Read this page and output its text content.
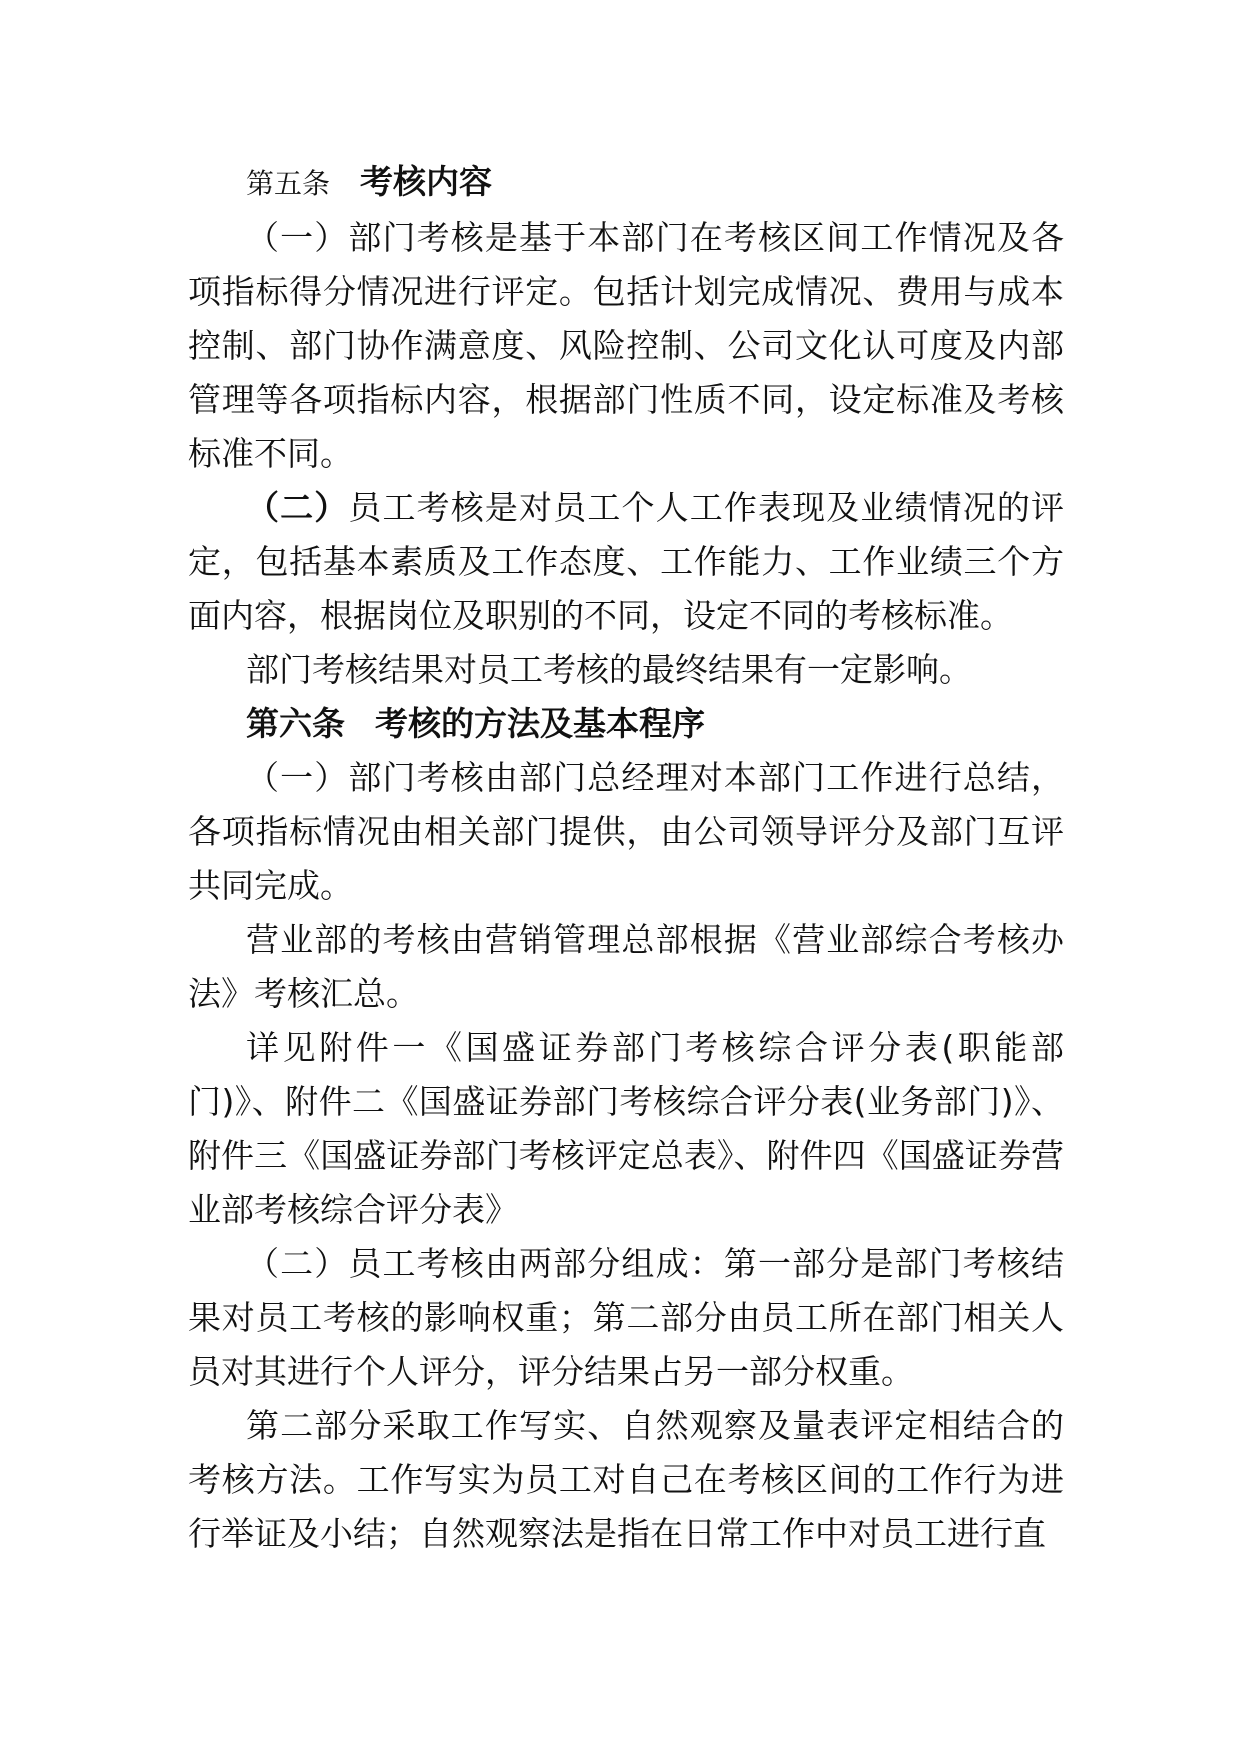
第五条 考核内容

（一）部门考核是基于本部门在考核区间工作情况及各项指标得分情况进行评定。包括计划完成情况、费用与成本控制、部门协作满意度、风险控制、公司文化认可度及内部管理等各项指标内容，根据部门性质不同，设定标准及考核标准不同。

（二）员工考核是对员工个人工作表现及业绩情况的评定，包括基本素质及工作态度、工作能力、工作业绩三个方面内容，根据岗位及职别的不同，设定不同的考核标准。

部门考核结果对员工考核的最终结果有一定影响。

第六条 考核的方法及基本程序

（一）部门考核由部门总经理对本部门工作进行总结，各项指标情况由相关部门提供，由公司领导评分及部门互评共同完成。

营业部的考核由营销管理总部根据《营业部综合考核办法》考核汇总。

详见附件一《国盛证券部门考核综合评分表(职能部门)》、附件二《国盛证券部门考核综合评分表(业务部门)》、附件三《国盛证券部门考核评定总表》、附件四《国盛证券营业部考核综合评分表》

（二）员工考核由两部分组成：第一部分是部门考核结果对员工考核的影响权重；第二部分由员工所在部门相关人员对其进行个人评分，评分结果占另一部分权重。

第二部分采取工作写实、自然观察及量表评定相结合的考核方法。工作写实为员工对自己在考核区间的工作行为进行举证及小结；自然观察法是指在日常工作中对员工进行直
